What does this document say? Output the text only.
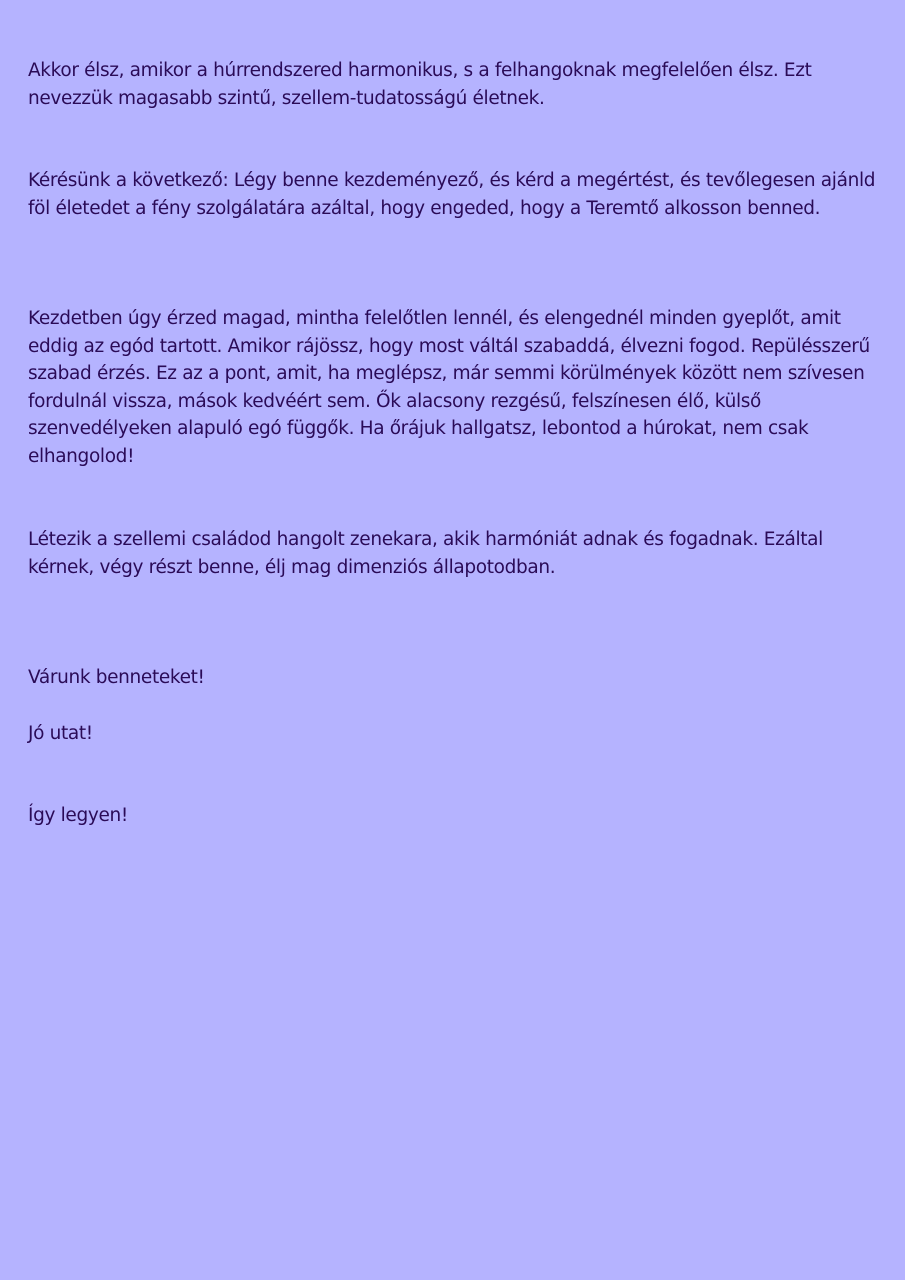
Akkor élsz, amikor a húrrendszered harmonikus, s a felhangoknak megfelelően élsz. Ezt nevezzük magasabb szintű, szellem-tudatosságú életnek.

Kérésünk a következő: Légy benne kezdeményező, és kérd a megértést, és tevőlegesen ajánld föl életedet a fény szolgálatára azáltal, hogy engeded, hogy a Teremtő alkosson benned.

Kezdetben úgy érzed magad, mintha felelőtlen lennél, és elengednél minden gyeplőt, amit eddig az egód tartott. Amikor rájössz, hogy most váltál szabaddá, élvezni fogod. Repülésszerű szabad érzés. Ez az a pont, amit, ha meglépsz, már semmi körülmények között nem szívesen fordulnál vissza, mások kedvéért sem. Ők alacsony rezgésű, felszínesen élő, külső szenvedélyeken alapuló egó függők. Ha őrájuk hallgatsz, lebontod a húrokat, nem csak elhangolod!

Létezik a szellemi családod hangolt zenekara, akik harmóniát adnak és fogadnak. Ezáltal kérnek, végy részt benne, élj mag dimenziós állapotodban.

Várunk benneteket!

Jó utat!

Így legyen!
